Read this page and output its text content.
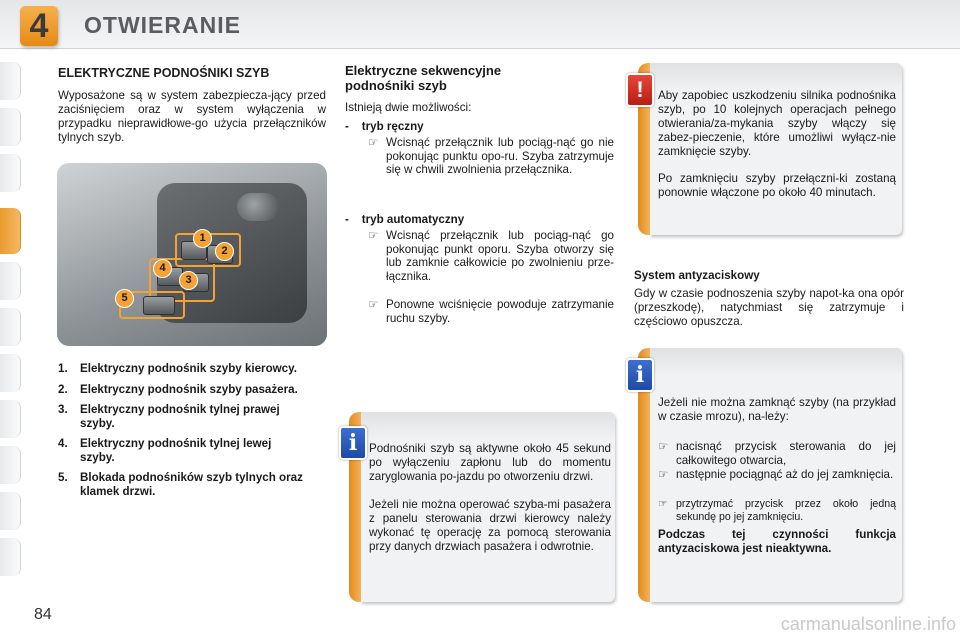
4	OTWIERANIE
ELEKTRYCZNE PODNOŚNIKI SZYB

Wyposażone są w system zabezpiecza-jący przed zaciśnięciem oraz w system wyłączenia w przypadku nieprawidłowe-go użycia przełączników tylnych szyb.

1
2
3
4
5
1. Elektryczny podnośnik szyby kierowcy.
2. Elektryczny podnośnik szyby pasażera.
3. Elektryczny podnośnik tylnej prawej szyby.
4. Elektryczny podnośnik tylnej lewej szyby.
5. Blokada podnośników szyb tylnych oraz klamek drzwi.
Elektryczne sekwencyjne
podnośniki szyb

Istnieją dwie możliwości:

- tryb ręczny
☞ Wcisnąć przełącznik lub pociąg-nąć go nie pokonując punktu opo-ru. Szyba zatrzymuje się w chwili zwolnienia przełącznika.
- tryb automatyczny
☞ Wcisnąć przełącznik lub pociąg-nąć go pokonując punkt oporu. Szyba otworzy się lub zamknie całkowicie po zwolnieniu prze-łącznika.
☞ Ponowne wciśnięcie powoduje zatrzymanie ruchu szyby.

Podnośniki szyb są aktywne około 45 sekund po wyłączeniu zapłonu lub do momentu zaryglowania po-jazdu po otworzeniu drzwi.

Jeżeli nie można operować szyba-mi pasażera z panelu sterowania drzwi kierowcy należy wykonać tę operację za pomocą sterowania przy danych drzwiach pasażera i odwrotnie.

i

Aby zapobiec uszkodzeniu silnika podnośnika szyb, po 10 kolejnych operacjach pełnego otwierania/za-mykania szyby włączy się zabez-pieczenie, które umożliwi wyłącz-nie zamknięcie szyby.

Po zamknięciu szyby przełączni-ki zostaną ponownie włączone po około 40 minutach.

!
System antyzaciskowy

Gdy w czasie podnoszenia szyby napot-ka ona opór (przeszkodę), natychmiast się zatrzymuje i częściowo opuszcza.

Jeżeli nie można zamknąć szyby (na przykład w czasie mrozu), na-leży:

☞ nacisnąć przycisk sterowania do jej całkowitego otwarcia,
☞ następnie pociągnąć aż do jej zamknięcia.
☞ przytrzymać przycisk przez około jedną sekundę po jej zamknięciu.

Podczas tej czynności funkcja antyzaciskowa jest nieaktywna.

i
84	carmanualsonline.info
